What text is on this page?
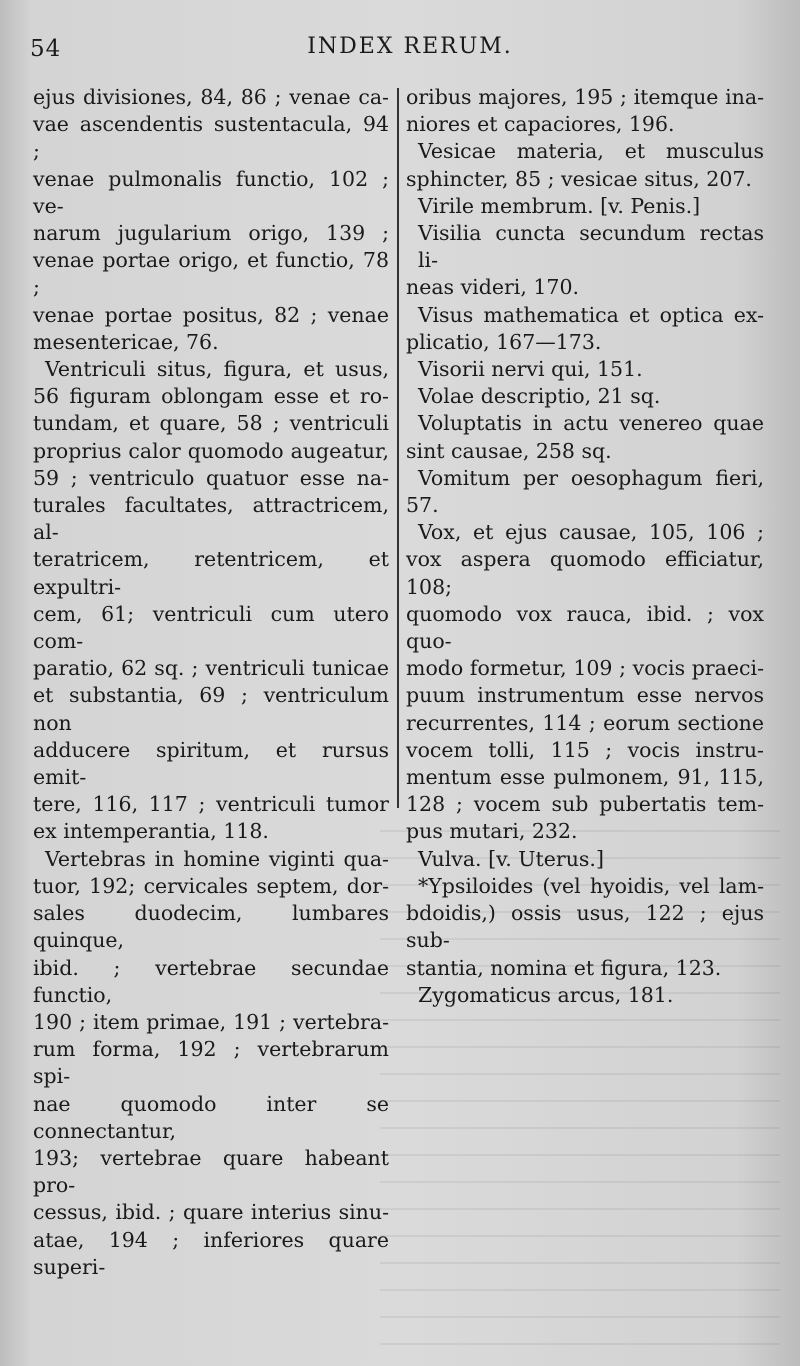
54	INDEX RERUM.

ejus divisiones, 84, 86 ; venae ca-
vae ascendentis sustentacula, 94 ;
venae pulmonalis functio, 102 ; ve-
narum jugularium origo, 139 ;
venae portae origo, et functio, 78 ;
venae portae positus, 82 ; venae
mesentericae, 76.

Ventriculi situs, figura, et usus,
56 figuram oblongam esse et ro-
tundam, et quare, 58 ; ventriculi
proprius calor quomodo augeatur,
59 ; ventriculo quatuor esse na-
turales facultates, attractricem, al-
teratricem, retentricem, et expultri-
cem, 61; ventriculi cum utero com-
paratio, 62 sq. ; ventriculi tunicae
et substantia, 69 ; ventriculum non
adducere spiritum, et rursus emit-
tere, 116, 117 ; ventriculi tumor
ex intemperantia, 118.

Vertebras in homine viginti qua-
tuor, 192; cervicales septem, dor-
sales duodecim, lumbares quinque,
ibid. ; vertebrae secundae functio,
190 ; item primae, 191 ; vertebra-
rum forma, 192 ; vertebrarum spi-
nae quomodo inter se connectantur,
193; vertebrae quare habeant pro-
cessus, ibid. ; quare interius sinu-
atae, 194 ; inferiores quare superi-

oribus majores, 195 ; itemque ina-
niores et capaciores, 196.

Vesicae materia, et musculus
sphincter, 85 ; vesicae situs, 207.

Virile membrum. [v. Penis.]

Visilia cuncta secundum rectas li-
neas videri, 170.

Visus mathematica et optica ex-
plicatio, 167—173.

Visorii nervi qui, 151.

Volae descriptio, 21 sq.

Voluptatis in actu venereo quae
sint causae, 258 sq.

Vomitum per oesophagum fieri,
57.

Vox, et ejus causae, 105, 106 ;
vox aspera quomodo efficiatur, 108;
quomodo vox rauca, ibid. ; vox quo-
modo formetur, 109 ; vocis praeci-
puum instrumentum esse nervos
recurrentes, 114 ; eorum sectione
vocem tolli, 115 ; vocis instru-
mentum esse pulmonem, 91, 115,
128 ; vocem sub pubertatis tem-
pus mutari, 232.

Vulva. [v. Uterus.]

*Ypsiloides (vel hyoidis, vel lam-
bdoidis,) ossis usus, 122 ; ejus sub-
stantia, nomina et figura, 123.

Zygomaticus arcus, 181.
